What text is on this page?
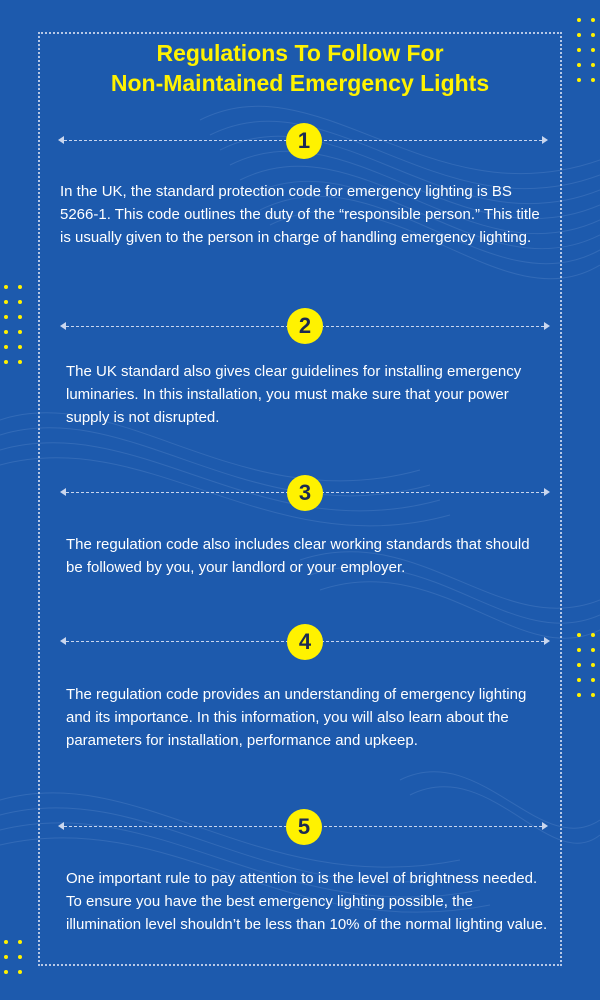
Regulations To Follow For
Non-Maintained Emergency Lights
1
In the UK, the standard protection code for emergency lighting is BS 5266-1. This code outlines the duty of the “responsible person.” This title is usually given to the person in charge of handling emergency lighting.
2
The UK standard also gives clear guidelines for installing emergency luminaries. In this installation, you must make sure that your power supply is not disrupted.
3
The regulation code also includes clear working standards that should be followed by you, your landlord or your employer.
4
The regulation code provides an understanding of emergency lighting and its importance. In this information, you will also learn about the parameters for installation, performance and upkeep.
5
One important rule to pay attention to is the level of brightness needed. To ensure you have the best emergency lighting possible, the illumination level shouldn’t be less than 10% of the normal lighting value.
